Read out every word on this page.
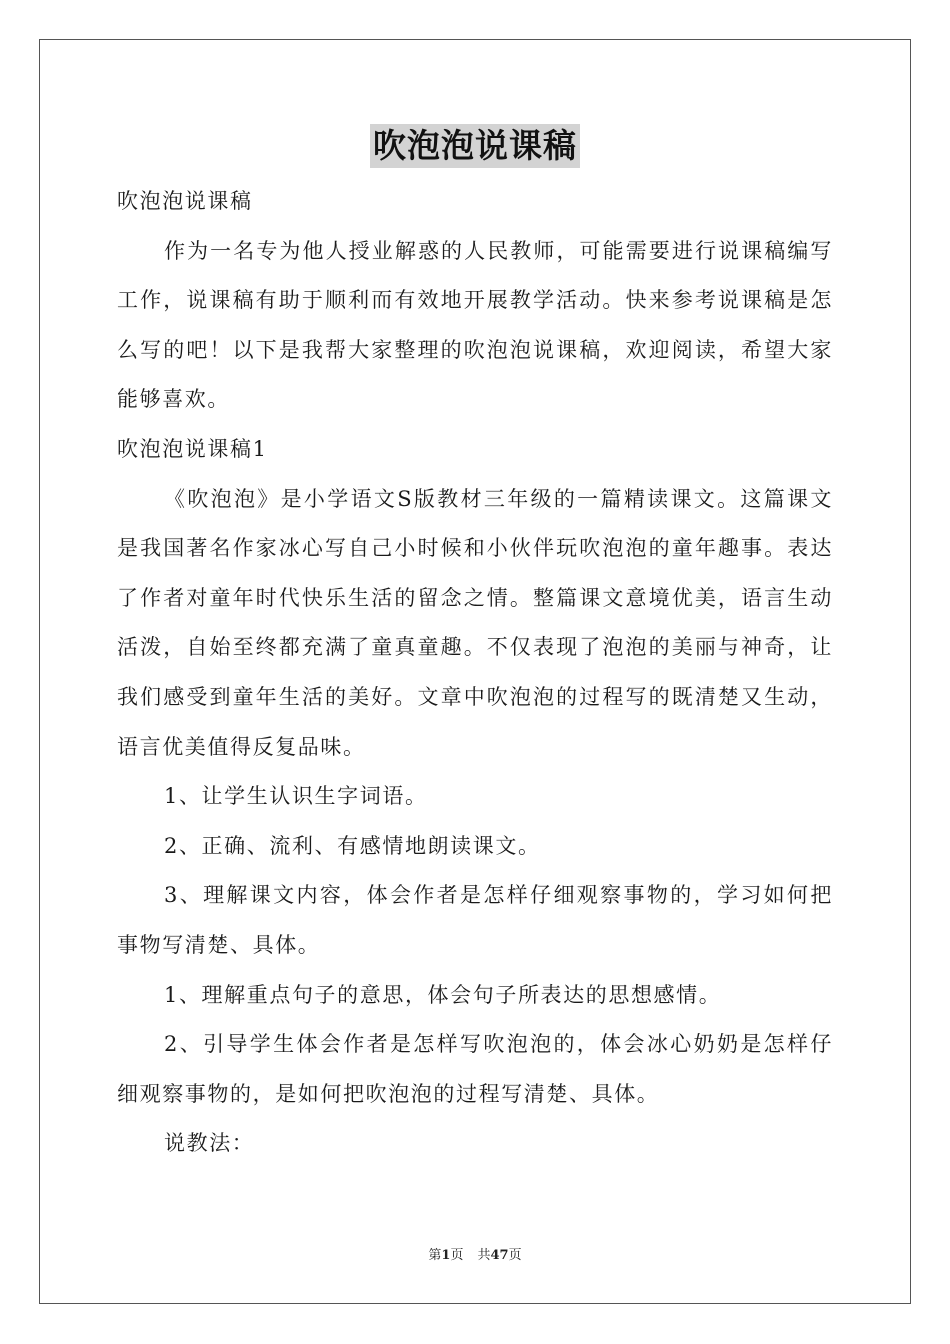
吹泡泡说课稿

吹泡泡说课稿

作为一名专为他人授业解惑的人民教师，可能需要进行说课稿编写工作，说课稿有助于顺利而有效地开展教学活动。快来参考说课稿是怎么写的吧！以下是我帮大家整理的吹泡泡说课稿，欢迎阅读，希望大家能够喜欢。

吹泡泡说课稿1

《吹泡泡》是小学语文S版教材三年级的一篇精读课文。这篇课文是我国著名作家冰心写自己小时候和小伙伴玩吹泡泡的童年趣事。表达了作者对童年时代快乐生活的留念之情。整篇课文意境优美，语言生动活泼，自始至终都充满了童真童趣。不仅表现了泡泡的美丽与神奇，让我们感受到童年生活的美好。文章中吹泡泡的过程写的既清楚又生动，语言优美值得反复品味。

1、让学生认识生字词语。

2、正确、流利、有感情地朗读课文。

3、理解课文内容，体会作者是怎样仔细观察事物的，学习如何把事物写清楚、具体。

1、理解重点句子的意思，体会句子所表达的思想感情。

2、引导学生体会作者是怎样写吹泡泡的，体会冰心奶奶是怎样仔细观察事物的，是如何把吹泡泡的过程写清楚、具体。

说教法：

第1页 共47页
